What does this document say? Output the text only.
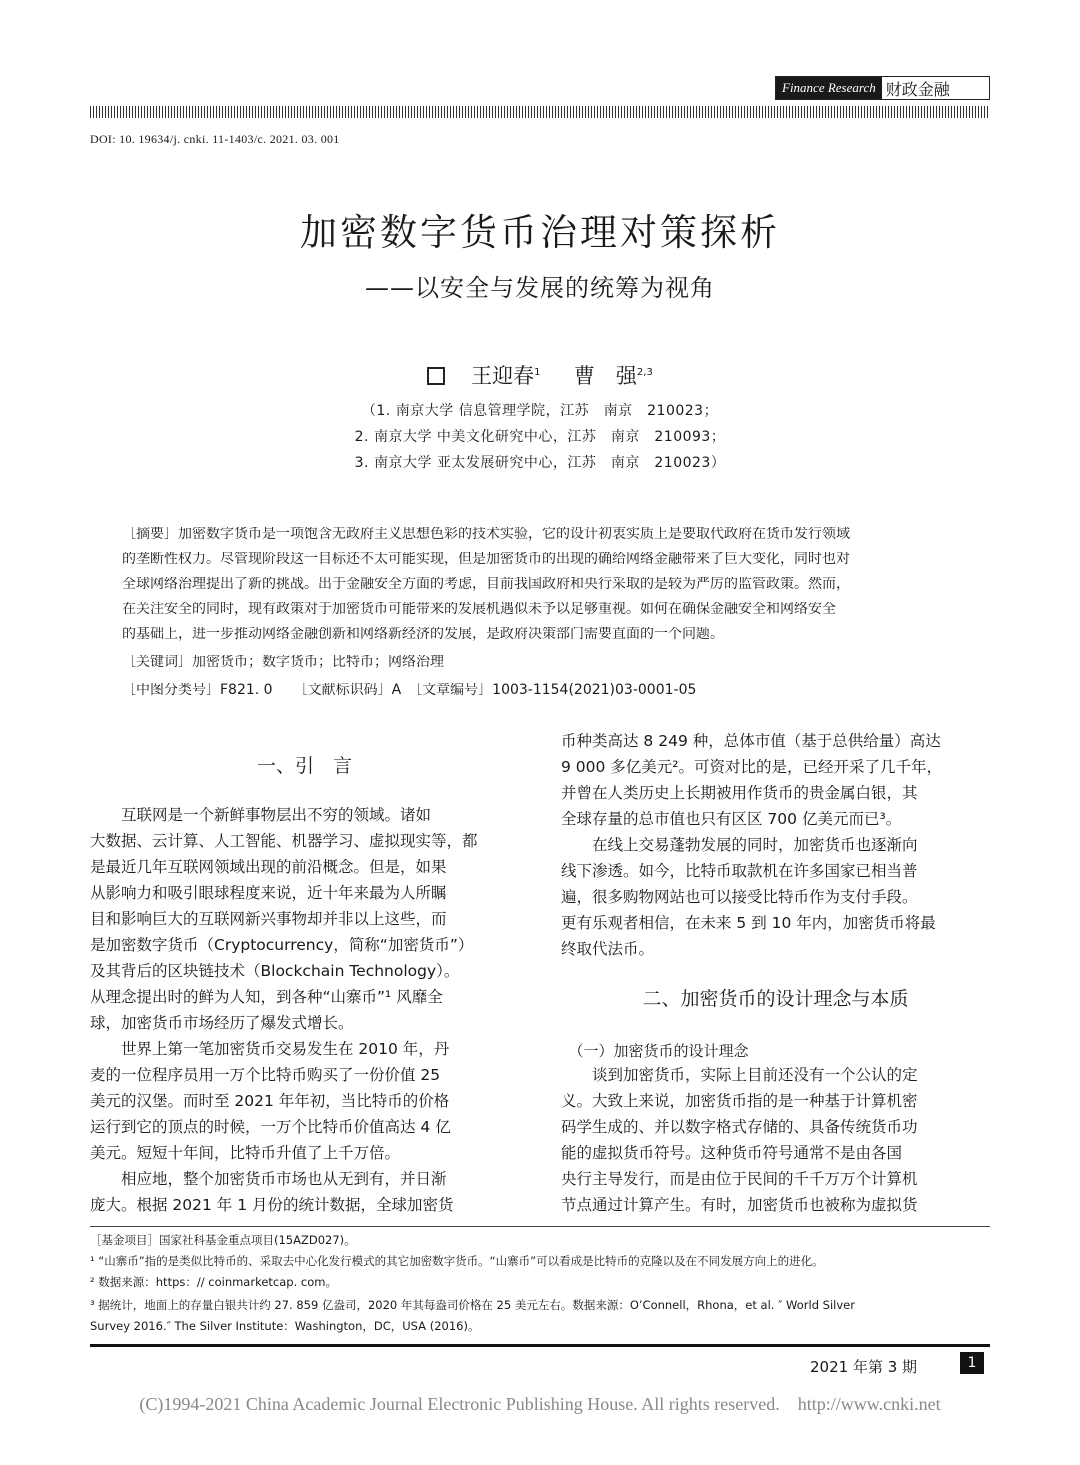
Finance Research 财政金融
DOI: 10. 19634/j. cnki. 11-1403/c. 2021. 03. 001
加密数字货币治理对策探析
——以安全与发展的统筹为视角
王迎春$^1$ 曹　强$^{2,3}$
（1. 南京大学 信息管理学院，江苏　南京　210023；
2. 南京大学 中美文化研究中心，江苏　南京　210093；
3. 南京大学 亚太发展研究中心，江苏　南京　210023）
［摘要］加密数字货币是一项饱含无政府主义思想色彩的技术实验，它的设计初衷实质上是要取代政府在货币发行领域
的垄断性权力。尽管现阶段这一目标还不太可能实现，但是加密货币的出现的确给网络金融带来了巨大变化，同时也对
全球网络治理提出了新的挑战。出于金融安全方面的考虑，目前我国政府和央行采取的是较为严厉的监管政策。然而，
在关注安全的同时，现有政策对于加密货币可能带来的发展机遇似未予以足够重视。如何在确保金融安全和网络安全
的基础上，进一步推动网络金融创新和网络新经济的发展，是政府决策部门需要直面的一个问题。
［关键词］加密货币；数字货币；比特币；网络治理
［中图分类号］F821. 0　　［文献标识码］A　［文章编号］1003-1154(2021)03-0001-05
一、引　言
　　互联网是一个新鲜事物层出不穷的领域。诸如
大数据、云计算、人工智能、机器学习、虚拟现实等，都
是最近几年互联网领域出现的前沿概念。但是，如果
从影响力和吸引眼球程度来说，近十年来最为人所瞩
目和影响巨大的互联网新兴事物却并非以上这些，而
是加密数字货币（Cryptocurrency，简称“加密货币”）
及其背后的区块链技术（Blockchain Technology）。
从理念提出时的鲜为人知，到各种“山寨币”¹ 风靡全
球，加密货币市场经历了爆发式增长。
　　世界上第一笔加密货币交易发生在 2010 年，丹
麦的一位程序员用一万个比特币购买了一份价值 25
美元的汉堡。而时至 2021 年年初，当比特币的价格
运行到它的顶点的时候，一万个比特币价值高达 4 亿
美元。短短十年间，比特币升值了上千万倍。
　　相应地，整个加密货币市场也从无到有，并日渐
庞大。根据 2021 年 1 月份的统计数据，全球加密货
币种类高达 8 249 种，总体市值（基于总供给量）高达
9 000 多亿美元²。可资对比的是，已经开采了几千年，
并曾在人类历史上长期被用作货币的贵金属白银，其
全球存量的总市值也只有区区 700 亿美元而已³。
　　在线上交易蓬勃发展的同时，加密货币也逐渐向
线下渗透。如今，比特币取款机在许多国家已相当普
遍，很多购物网站也可以接受比特币作为支付手段。
更有乐观者相信，在未来 5 到 10 年内，加密货币将最
终取代法币。
二、加密货币的设计理念与本质
　（一）加密货币的设计理念
　　谈到加密货币，实际上目前还没有一个公认的定
义。大致上来说，加密货币指的是一种基于计算机密
码学生成的、并以数字格式存储的、具备传统货币功
能的虚拟货币符号。这种货币符号通常不是由各国
央行主导发行，而是由位于民间的千千万万个计算机
节点通过计算产生。有时，加密货币也被称为虚拟货
［基金项目］国家社科基金重点项目(15AZD027)。
¹ “山寨币”指的是类似比特币的、采取去中心化发行模式的其它加密数字货币。“山寨币”可以看成是比特币的克隆以及在不同发展方向上的进化。
² 数据来源：https：// coinmarketcap. com。
³ 据统计，地面上的存量白银共计约 27. 859 亿盎司，2020 年其每盎司价格在 25 美元左右。数据来源：O’Connell，Rhona，et al. ″ World Silver
Survey 2016.″ The Silver Institute：Washington，DC，USA (2016)。
2021 年第 3 期	1
(C)1994-2021 China Academic Journal Electronic Publishing House. All rights reserved.　http://www.cnki.net
